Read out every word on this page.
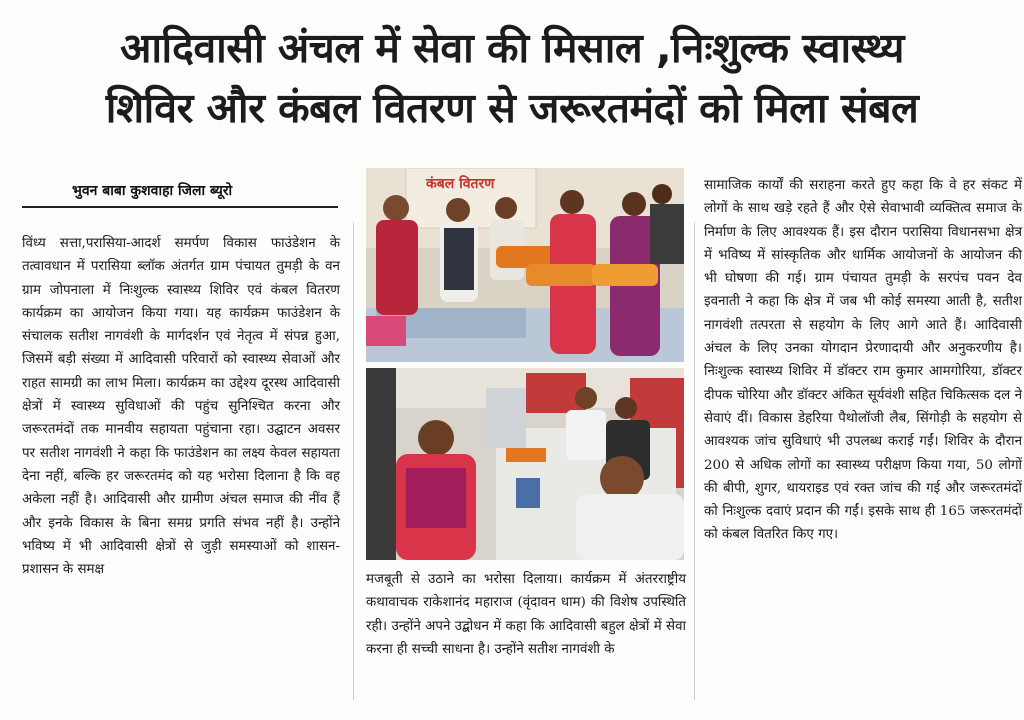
आदिवासी अंचल में सेवा की मिसाल ,निःशुल्क स्वास्थ्य
शिविर और कंबल वितरण से जरूरतमंदों को मिला संबल
भुवन बाबा कुशवाहा जिला ब्यूरो

विंध्य सत्ता,परासिया-आदर्श समर्पण विकास फाउंडेशन के तत्वावधान में परासिया ब्लॉक अंतर्गत ग्राम पंचायत तुमड़ी के वन ग्राम जोपनाला में निःशुल्क स्वास्थ्य शिविर एवं कंबल वितरण कार्यक्रम का आयोजन किया गया। यह कार्यक्रम फाउंडेशन के संचालक सतीश नागवंशी के मार्गदर्शन एवं नेतृत्व में संपन्न हुआ, जिसमें बड़ी संख्या में आदिवासी परिवारों को स्वास्थ्य सेवाओं और राहत सामग्री का लाभ मिला। कार्यक्रम का उद्देश्य दूरस्थ आदिवासी क्षेत्रों में स्वास्थ्य सुविधाओं की पहुंच सुनिश्चित करना और जरूरतमंदों तक मानवीय सहायता पहुंचाना रहा। उद्घाटन अवसर पर सतीश नागवंशी ने कहा कि फाउंडेशन का लक्ष्य केवल सहायता देना नहीं, बल्कि हर जरूरतमंद को यह भरोसा दिलाना है कि वह अकेला नहीं है। आदिवासी और ग्रामीण अंचल समाज की नींव हैं और इनके विकास के बिना समग्र प्रगति संभव नहीं है। उन्होंने भविष्य में भी आदिवासी क्षेत्रों से जुड़ी समस्याओं को शासन-प्रशासन के समक्ष

कंबल वितरण

मजबूती से उठाने का भरोसा दिलाया। कार्यक्रम में अंतरराष्ट्रीय कथावाचक राकेशानंद महाराज (वृंदावन धाम) की विशेष उपस्थिति रही। उन्होंने अपने उद्बोधन में कहा कि आदिवासी बहुल क्षेत्रों में सेवा करना ही सच्ची साधना है। उन्होंने सतीश नागवंशी के

सामाजिक कार्यों की सराहना करते हुए कहा कि वे हर संकट में लोगों के साथ खड़े रहते हैं और ऐसे सेवाभावी व्यक्तित्व समाज के निर्माण के लिए आवश्यक हैं। इस दौरान परासिया विधानसभा क्षेत्र में भविष्य में सांस्कृतिक और धार्मिक आयोजनों के आयोजन की भी घोषणा की गई। ग्राम पंचायत तुमड़ी के सरपंच पवन देव इवनाती ने कहा कि क्षेत्र में जब भी कोई समस्या आती है, सतीश नागवंशी तत्परता से सहयोग के लिए आगे आते हैं। आदिवासी अंचल के लिए उनका योगदान प्रेरणादायी और अनुकरणीय है। निःशुल्क स्वास्थ्य शिविर में डॉक्टर राम कुमार आमगोरिया, डॉक्टर दीपक चोरिया और डॉक्टर अंकित सूर्यवंशी सहित चिकित्सक दल ने सेवाएं दीं। विकास डेहरिया पैथोलॉजी लैब, सिंगोड़ी के सहयोग से आवश्यक जांच सुविधाएं भी उपलब्ध कराई गईं। शिविर के दौरान 200 से अधिक लोगों का स्वास्थ्य परीक्षण किया गया, 50 लोगों की बीपी, शुगर, थायराइड एवं रक्त जांच की गई और जरूरतमंदों को निःशुल्क दवाएं प्रदान की गईं। इसके साथ ही 165 जरूरतमंदों को कंबल वितरित किए गए।
